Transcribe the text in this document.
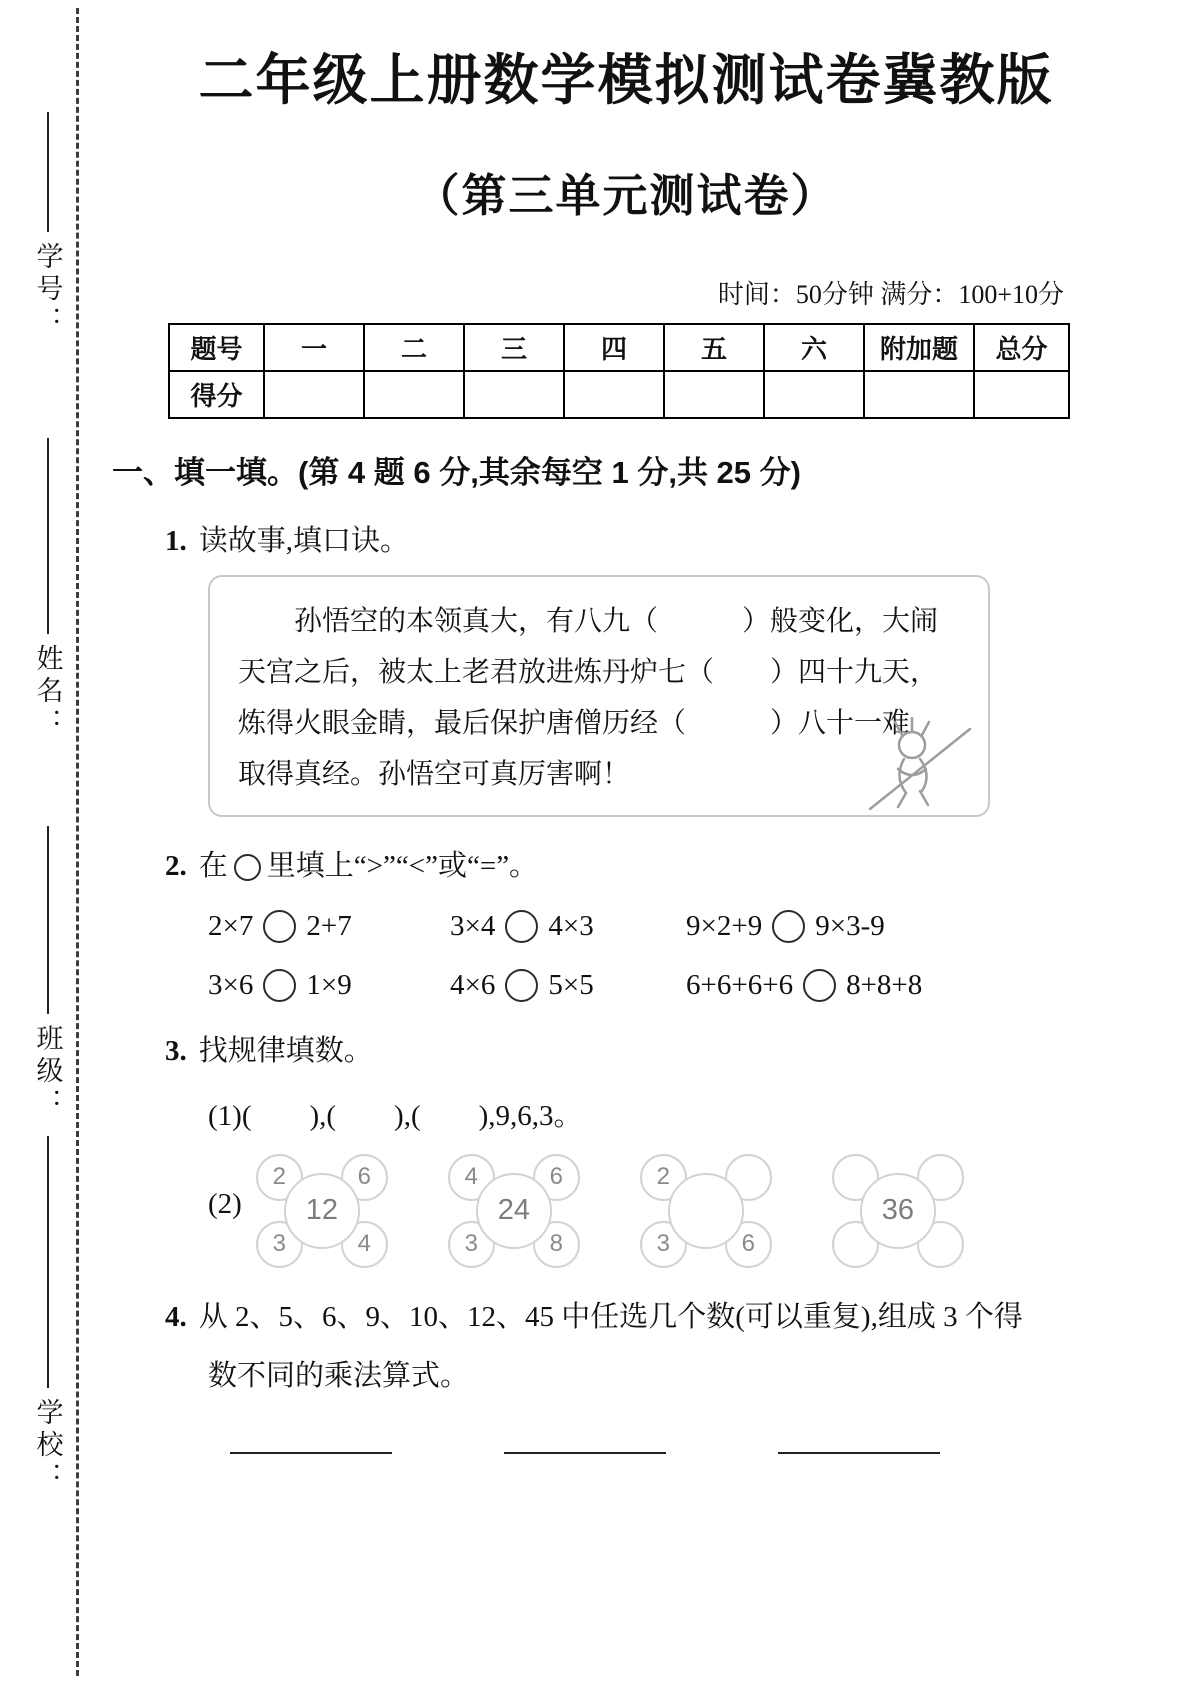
学号：
姓名：
班级：
学校：
二年级上册数学模拟测试卷冀教版
（第三单元测试卷）
时间：50分钟 满分：100+10分
题号	一	二	三	四	五	六	附加题	总分
得分								
一、填一填。(第 4 题 6 分,其余每空 1 分,共 25 分)
1. 读故事,填口诀。
孙悟空的本领真大，有八九（　　　）般变化，大闹
天宫之后，被太上老君放进炼丹炉七（　　）四十九天，
炼得火眼金睛，最后保护唐僧历经（　　　）八十一难
取得真经。孙悟空可真厉害啊！
2. 在 里填上“>”“<”或“=”。
2×7 2+7	3×4 4×3	9×2+9 9×3-9
3×6 1×9	4×6 5×5	6+6+6+6 8+8+8
3. 找规律填数。
(1)(　　),(　　),(　　),9,6,3。
(2)
2	6
12
3	4
4	6
24
3	8
2
3	6
36
4. 从 2、5、6、9、10、12、45 中任选几个数(可以重复),组成 3 个得
数不同的乘法算式。
